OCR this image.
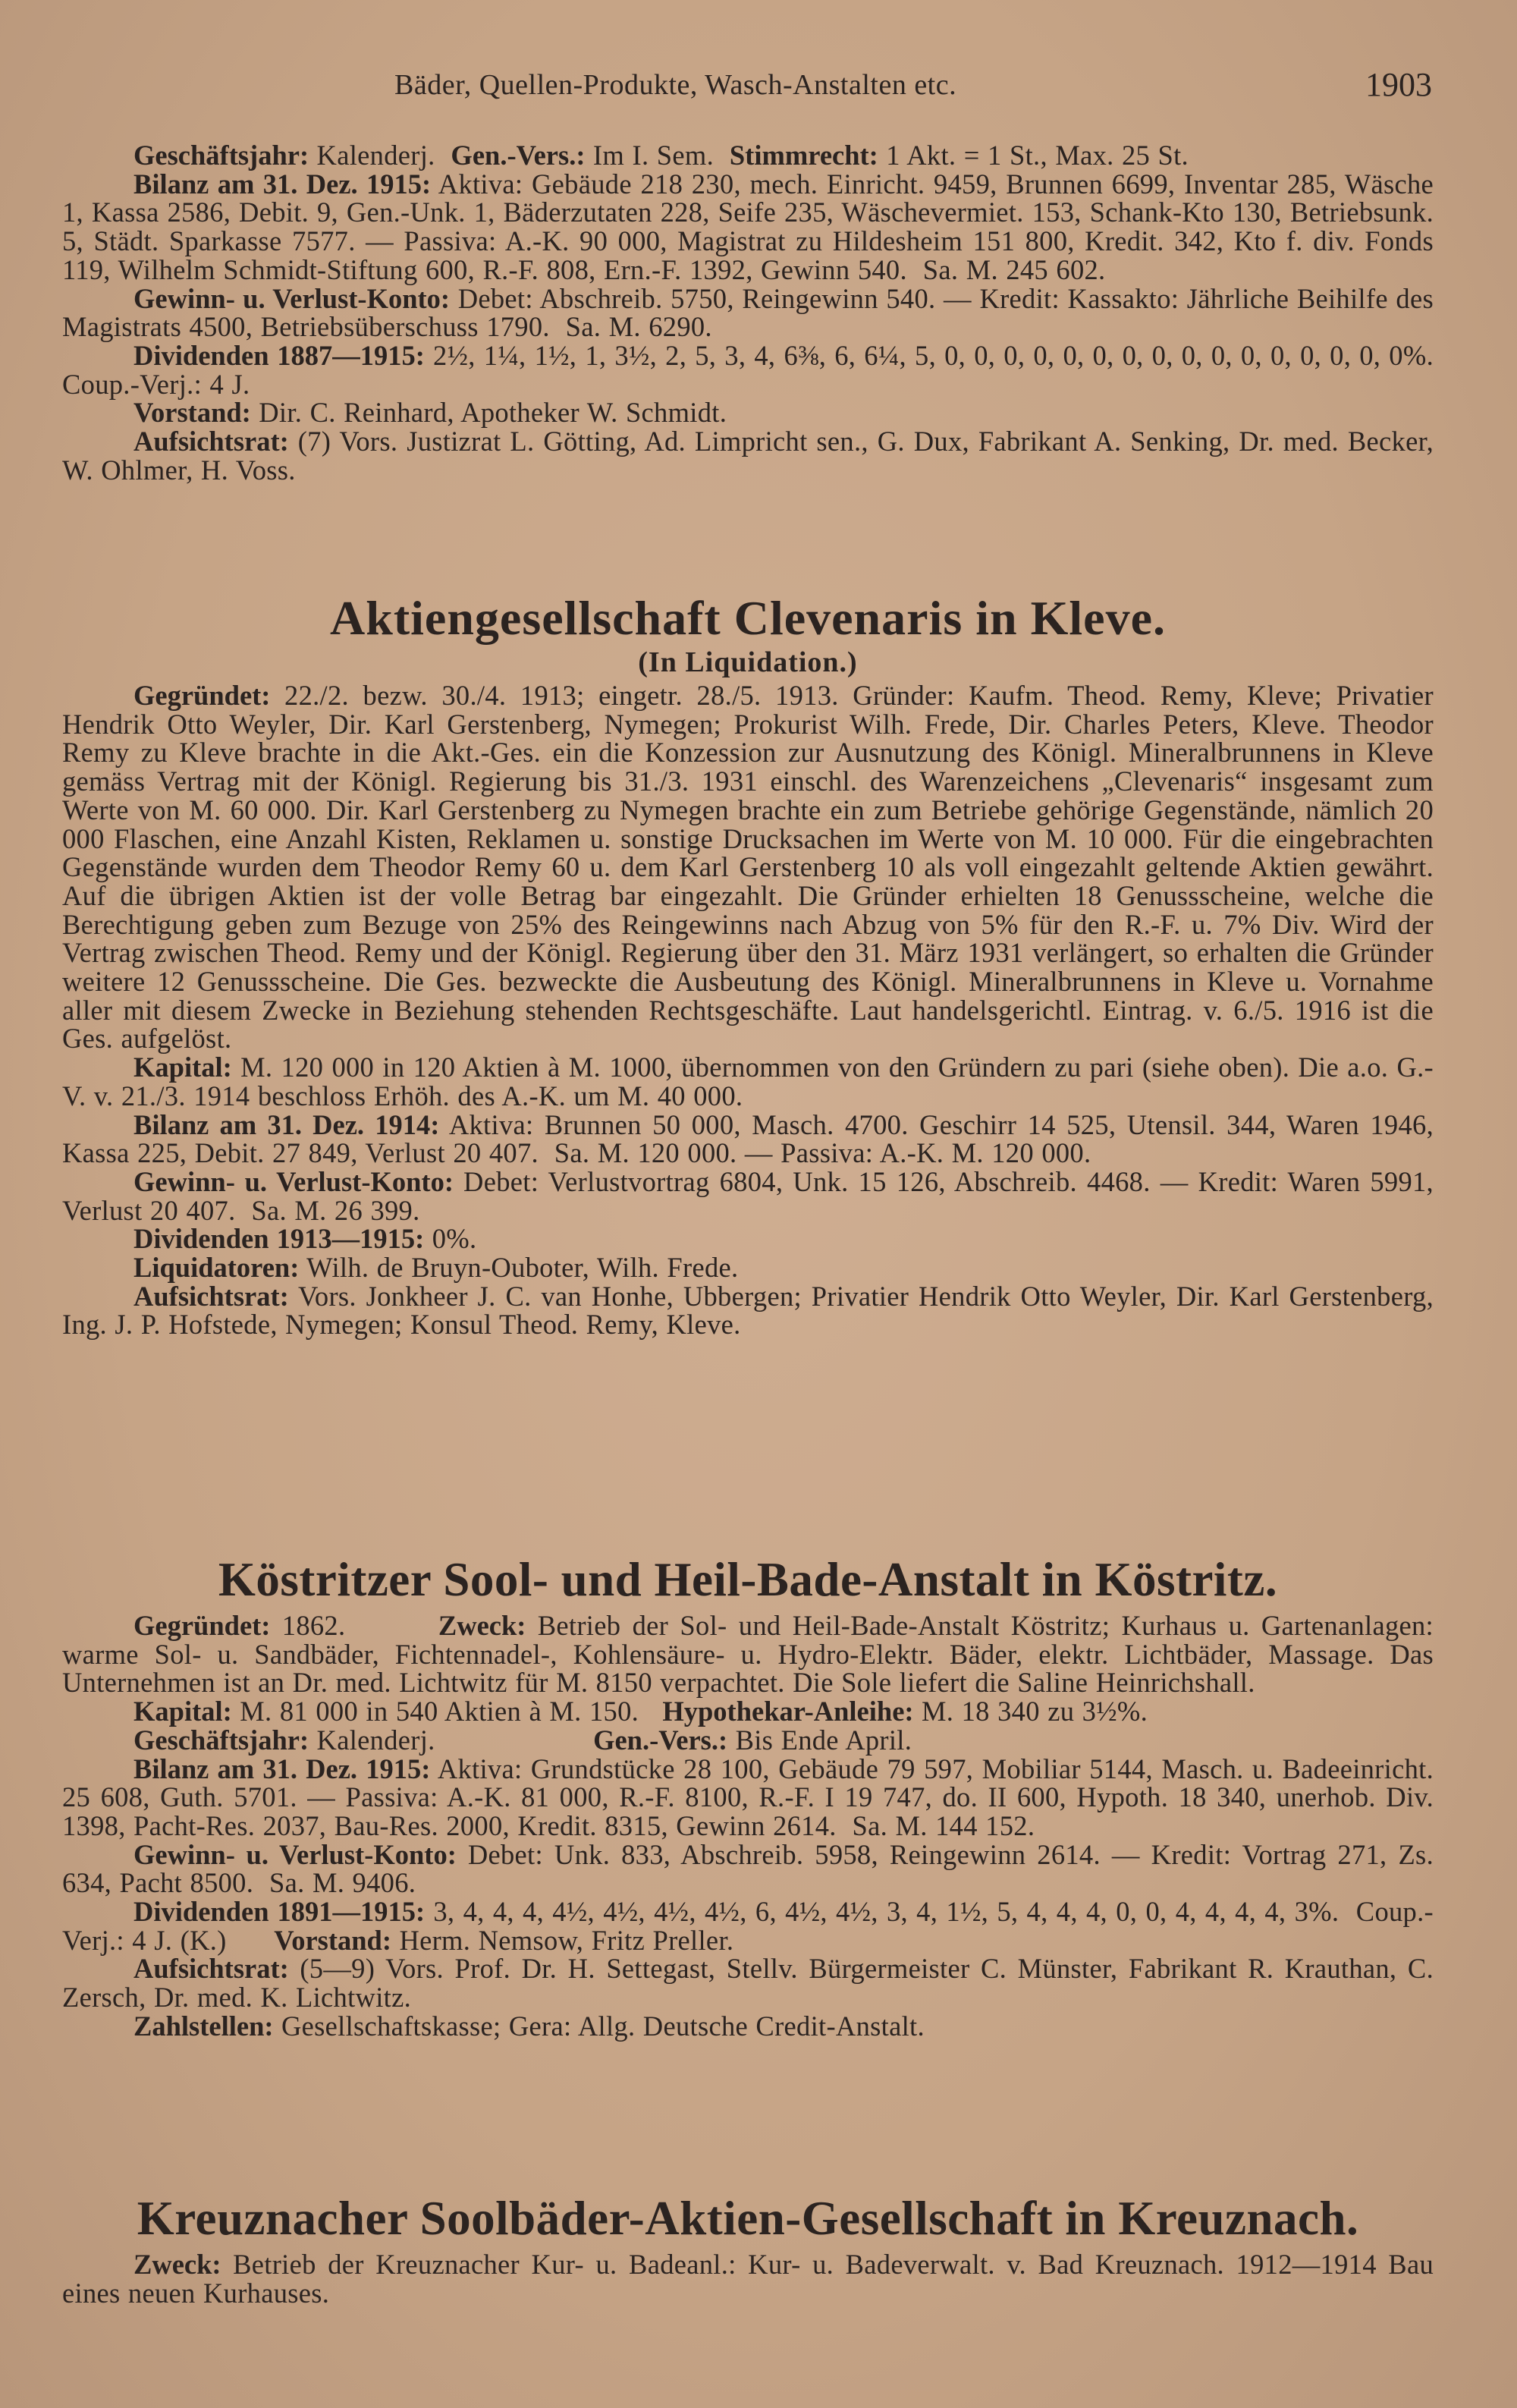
Bäder, Quellen-Produkte, Wasch-Anstalten etc.	1903

Geschäftsjahr: Kalenderj.  Gen.-Vers.: Im I. Sem.  Stimmrecht: 1 Akt. = 1 St., Max. 25 St.

Bilanz am 31. Dez. 1915: Aktiva: Gebäude 218 230, mech. Einricht. 9459, Brunnen 6699, Inventar 285, Wäsche 1, Kassa 2586, Debit. 9, Gen.-Unk. 1, Bäderzutaten 228, Seife 235, Wäschevermiet. 153, Schank-Kto 130, Betriebsunk. 5, Städt. Sparkasse 7577. — Passiva: A.-K. 90 000, Magistrat zu Hildesheim 151 800, Kredit. 342, Kto f. div. Fonds 119, Wilhelm Schmidt-Stiftung 600, R.-F. 808, Ern.-F. 1392, Gewinn 540.  Sa. M. 245 602.

Gewinn- u. Verlust-Konto: Debet: Abschreib. 5750, Reingewinn 540. — Kredit: Kassakto: Jährliche Beihilfe des Magistrats 4500, Betriebsüberschuss 1790.  Sa. M. 6290.

Dividenden 1887—1915: 2½, 1¼, 1½, 1, 3½, 2, 5, 3, 4, 6⅜, 6, 6¼, 5, 0, 0, 0, 0, 0, 0, 0, 0, 0, 0, 0, 0, 0, 0, 0, 0%.  Coup.-Verj.: 4 J.

Vorstand: Dir. C. Reinhard, Apotheker W. Schmidt.

Aufsichtsrat: (7) Vors. Justizrat L. Götting, Ad. Limpricht sen., G. Dux, Fabrikant A. Senking, Dr. med. Becker, W. Ohlmer, H. Voss.

Aktiengesellschaft Clevenaris in Kleve.
(In Liquidation.)

Gegründet: 22./2. bezw. 30./4. 1913; eingetr. 28./5. 1913. Gründer: Kaufm. Theod. Remy, Kleve; Privatier Hendrik Otto Weyler, Dir. Karl Gerstenberg, Nymegen; Prokurist Wilh. Frede, Dir. Charles Peters, Kleve. Theodor Remy zu Kleve brachte in die Akt.-Ges. ein die Konzession zur Ausnutzung des Königl. Mineralbrunnens in Kleve gemäss Vertrag mit der Königl. Regierung bis 31./3. 1931 einschl. des Warenzeichens „Clevenaris“ insgesamt zum Werte von M. 60 000. Dir. Karl Gerstenberg zu Nymegen brachte ein zum Betriebe gehörige Gegenstände, nämlich 20 000 Flaschen, eine Anzahl Kisten, Reklamen u. sonstige Drucksachen im Werte von M. 10 000. Für die eingebrachten Gegenstände wurden dem Theodor Remy 60 u. dem Karl Gerstenberg 10 als voll eingezahlt geltende Aktien gewährt. Auf die übrigen Aktien ist der volle Betrag bar eingezahlt. Die Gründer erhielten 18 Genussscheine, welche die Berechtigung geben zum Bezuge von 25% des Reingewinns nach Abzug von 5% für den R.-F. u. 7% Div. Wird der Vertrag zwischen Theod. Remy und der Königl. Regierung über den 31. März 1931 verlängert, so erhalten die Gründer weitere 12 Genussscheine. Die Ges. bezweckte die Ausbeutung des Königl. Mineralbrunnens in Kleve u. Vornahme aller mit diesem Zwecke in Beziehung stehenden Rechtsgeschäfte. Laut handelsgerichtl. Eintrag. v. 6./5. 1916 ist die Ges. aufgelöst.

Kapital: M. 120 000 in 120 Aktien à M. 1000, übernommen von den Gründern zu pari (siehe oben). Die a.o. G.-V. v. 21./3. 1914 beschloss Erhöh. des A.-K. um M. 40 000.

Bilanz am 31. Dez. 1914: Aktiva: Brunnen 50 000, Masch. 4700. Geschirr 14 525, Utensil. 344, Waren 1946, Kassa 225, Debit. 27 849, Verlust 20 407.  Sa. M. 120 000. — Passiva: A.-K. M. 120 000.

Gewinn- u. Verlust-Konto: Debet: Verlustvortrag 6804, Unk. 15 126, Abschreib. 4468. — Kredit: Waren 5991, Verlust 20 407.  Sa. M. 26 399.

Dividenden 1913—1915: 0%.

Liquidatoren: Wilh. de Bruyn-Ouboter, Wilh. Frede.

Aufsichtsrat: Vors. Jonkheer J. C. van Honhe, Ubbergen; Privatier Hendrik Otto Weyler, Dir. Karl Gerstenberg, Ing. J. P. Hofstede, Nymegen; Konsul Theod. Remy, Kleve.

Köstritzer Sool- und Heil-Bade-Anstalt in Köstritz.

Gegründet: 1862.        Zweck: Betrieb der Sol- und Heil-Bade-Anstalt Köstritz; Kurhaus u. Gartenanlagen: warme Sol- u. Sandbäder, Fichtennadel-, Kohlensäure- u. Hydro-Elektr. Bäder, elektr. Lichtbäder, Massage. Das Unternehmen ist an Dr. med. Lichtwitz für M. 8150 verpachtet. Die Sole liefert die Saline Heinrichshall.

Kapital: M. 81 000 in 540 Aktien à M. 150.   Hypothekar-Anleihe: M. 18 340 zu 3½%.

Geschäftsjahr: Kalenderj.                    Gen.-Vers.: Bis Ende April.

Bilanz am 31. Dez. 1915: Aktiva: Grundstücke 28 100, Gebäude 79 597, Mobiliar 5144, Masch. u. Badeeinricht. 25 608, Guth. 5701. — Passiva: A.-K. 81 000, R.-F. 8100, R.-F. I 19 747, do. II 600, Hypoth. 18 340, unerhob. Div. 1398, Pacht-Res. 2037, Bau-Res. 2000, Kredit. 8315, Gewinn 2614.  Sa. M. 144 152.

Gewinn- u. Verlust-Konto: Debet: Unk. 833, Abschreib. 5958, Reingewinn 2614. — Kredit: Vortrag 271, Zs. 634, Pacht 8500.  Sa. M. 9406.

Dividenden 1891—1915: 3, 4, 4, 4, 4½, 4½, 4½, 4½, 6, 4½, 4½, 3, 4, 1½, 5, 4, 4, 4, 0, 0, 4, 4, 4, 4, 3%.  Coup.-Verj.: 4 J. (K.)      Vorstand: Herm. Nemsow, Fritz Preller.

Aufsichtsrat: (5—9) Vors. Prof. Dr. H. Settegast, Stellv. Bürgermeister C. Münster, Fabrikant R. Krauthan, C. Zersch, Dr. med. K. Lichtwitz.

Zahlstellen: Gesellschaftskasse; Gera: Allg. Deutsche Credit-Anstalt.

Kreuznacher Soolbäder-Aktien-Gesellschaft in Kreuznach.

Zweck: Betrieb der Kreuznacher Kur- u. Badeanl.: Kur- u. Badeverwalt. v. Bad Kreuznach. 1912—1914 Bau eines neuen Kurhauses.
